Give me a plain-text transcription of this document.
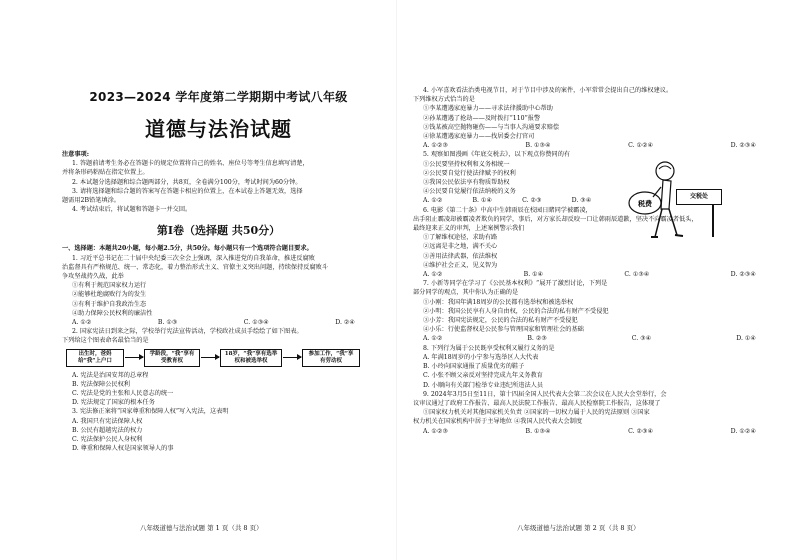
2023—2024 学年度第二学期期中考试八年级
道德与法治试题
注意事项:
1. 答题前请考生务必在答题卡的规定位置将自己的姓名、座位号等考生信息填写清楚，
并将条形码粘贴在指定位置上。
2. 本试题分选择题和综合题两部分，共8页，全卷满分100分，考试时间为60分钟。
3. 请将选择题和综合题的答案写在答题卡相应的位置上，在本试卷上答题无效，选择
题需用2B铅笔填涂。
4. 考试结束后，将试题和答题卡一并交回。
第Ⅰ卷（选择题 共50分）
一、选择题：本题共20小题，每小题2.5分，共50分。每小题只有一个选项符合题目要求。
1. 习近平总书记在二十届中央纪委三次全会上强调，深入推进党的自我革命，推进反腐败
治监督具有严格规范、统一、常态化，着力整治形式主义、官僚主义突出问题，持续保持反腐败斗
争攻坚战持久战，此举
①有利于规范国家权力运行
②能够杜绝腐败行为的发生
③有利于维护自我政治生态
④助力保障公民权利的廉洁性
A. ①②	B. ①③	C. ①③④	D. ②④
2. 国家宪法日到来之际，学校举行宪法宣传活动，学校政社成员手绘绘了如下图表。
下列给这个图表命名最恰当的是
出生时，爸妈给“我”上户口
学龄段，“我”享有受教育权
18岁，“我”享有选举权和被选举权
参加工作，“我”享有劳动权
A. 宪法是治国安邦的总章程
B. 宪法保障公民权利
C. 宪法是党的主张和人民意志的统一
D. 宪法规定了国家的根本任务
3. 宪法修正案将“国家尊重和保障人权”写入宪法，这表明
A. 我国只有宪法保障人权
B. 公民有超越宪法的权力
C. 宪法保护公民人身权利
D. 尊重和保障人权是国家领导人的事
八年级道德与法治试题 第 1 页（共 8 页）
4. 小军喜欢看法治类电视节目，对于节目中涉及的案件，小军常常会提出自己的维权建议。
下列维权方式恰当的是
①李某遭遇家庭暴力——寻求法律援助中心帮助
②孙某遭遇了抢劫——及时拨打“110”报警
③钱某被高空抛物砸伤——与当事人沟通要求赔偿
④徐某遭遇家庭暴力——找居委会打官司
A. ①②③	B. ①③④	C. ①②④	D. ②③④
5. 观察如图漫画《年底交税去》，以下观点你赞同的有
①公民要坚持权利和义务相统一
②公民要自觉行使法律赋予的权利
③我国公民依法享有物质帮助权
④公民要自觉履行依法纳税的义务
A. ①②	B. ①④	C. ②③	D. ③④
6. 电影《第二十条》中高中生韩雨辰在校园日睹同学被霸凌，
出手阻止霸凌却被霸凌者欺负的同学，事后，对方家长却反咬一口让韩雨辰道歉，坚决不向霸凌者低头，
最终迎来正义的审判，上述案例警示我们
①了解维权途径，求助有路
②远离是非之地，满不关心
③善用法律武器，依法维权
④维护社会正义，见义智为
A. ①②	B. ①④	C. ①③④	D. ②③④
7. 小新等同学在学习了《公民基本权利》“展开了激烈讨论，下列是
部分同学的观点，其中你认为正确的是
①小刚：我国年满18周岁的公民都有选举权和被选举权
②小明：我国公民享有人身自由权，公民的合法的私有财产不受侵犯
③小芳：我国宪法规定，公民的合法的私有财产不受侵犯
④小乐：行使监督权是公民参与管理国家和管理社会的基础
A. ①②	B. ②③	C. ③④	D. ①④
8. 下列行为属于公民既享受权利又履行义务的是
A. 年满18周岁的小宁参与选举区人大代表
B. 小玲向国家通报了质量优劣的鞋子
C. 小张不顾父亲反对坚持完成九年义务教育
D. 小顺向有关部门检举专业违纪所违法人员
9. 2024年3月5日至11日，第十四届全国人民代表大会第二次会议在人民大会堂举行，会
议审议通过了政府工作报告、最高人民法院工作报告、最高人民检察院工作报告，这体现了
①国家权力机关对其他国家机关负责 ②国家的一切权力属于人民的宪法原则 ③国家
权力机关在国家机构中居于主导地位 ④我国人民代表大会制度
A. ①②③	B. ①③④	C. ②③④	D. ①②④
八年级道德与法治试题 第 2 页（共 8 页）
税费
交税处
